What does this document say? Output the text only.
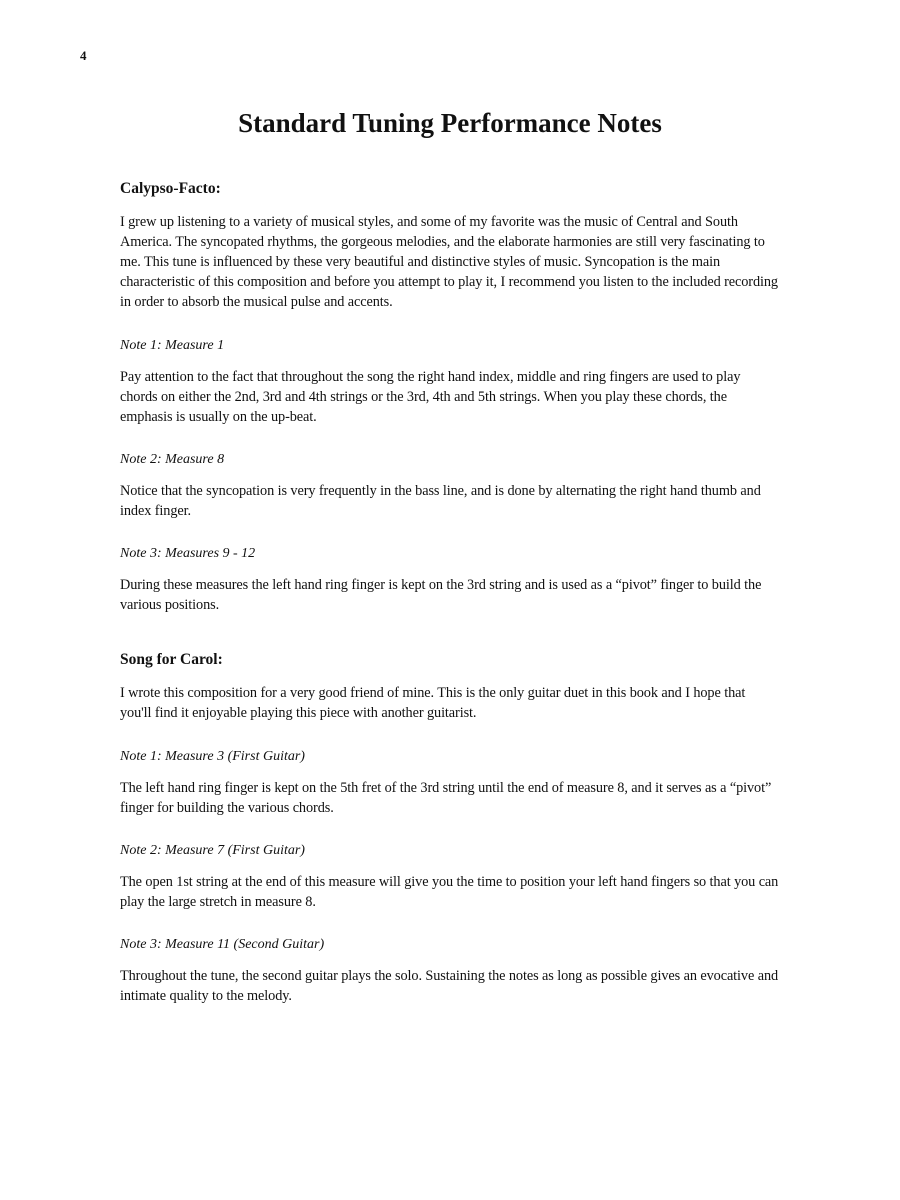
4
Standard Tuning Performance Notes

Calypso-Facto:

I grew up listening to a variety of musical styles, and some of my favorite was the music of Central and South America. The syncopated rhythms, the gorgeous melodies, and the elaborate harmonies are still very fascinating to me. This tune is influenced by these very beautiful and distinctive styles of music. Syncopation is the main characteristic of this composition and before you attempt to play it, I recommend you listen to the included recording in order to absorb the musical pulse and accents.

Note 1: Measure 1

Pay attention to the fact that throughout the song the right hand index, middle and ring fingers are used to play chords on either the 2nd, 3rd and 4th strings or the 3rd, 4th and 5th strings. When you play these chords, the emphasis is usually on the up-beat.

Note 2: Measure 8

Notice that the syncopation is very frequently in the bass line, and is done by alternating the right hand thumb and index finger.

Note 3: Measures 9 - 12

During these measures the left hand ring finger is kept on the 3rd string and is used as a “pivot” finger to build the various positions.

Song for Carol:

I wrote this composition for a very good friend of mine. This is the only guitar duet in this book and I hope that you'll find it enjoyable playing this piece with another guitarist.

Note 1: Measure 3 (First Guitar)

The left hand ring finger is kept on the 5th fret of the 3rd string until the end of measure 8, and it serves as a “pivot” finger for building the various chords.

Note 2: Measure 7 (First Guitar)

The open 1st string at the end of this measure will give you the time to position your left hand fingers so that you can play the large stretch in measure 8.

Note 3: Measure 11 (Second Guitar)

Throughout the tune, the second guitar plays the solo. Sustaining the notes as long as possible gives an evocative and intimate quality to the melody.
